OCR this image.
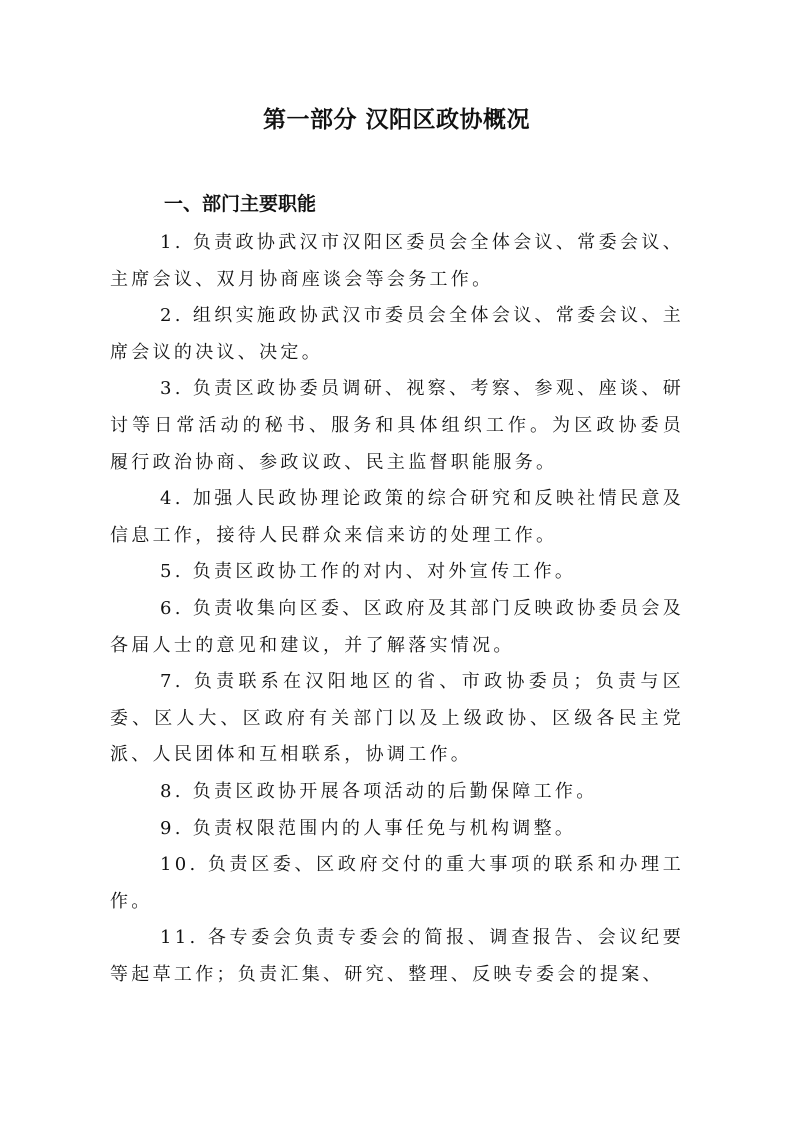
第一部分 汉阳区政协概况
一、部门主要职能

1. 负责政协武汉市汉阳区委员会全体会议、常委会议、主席会议、双月协商座谈会等会务工作。

2. 组织实施政协武汉市委员会全体会议、常委会议、主席会议的决议、决定。

3. 负责区政协委员调研、视察、考察、参观、座谈、研讨等日常活动的秘书、服务和具体组织工作。为区政协委员履行政治协商、参政议政、民主监督职能服务。

4. 加强人民政协理论政策的综合研究和反映社情民意及信息工作，接待人民群众来信来访的处理工作。

5. 负责区政协工作的对内、对外宣传工作。

6. 负责收集向区委、区政府及其部门反映政协委员会及各届人士的意见和建议，并了解落实情况。

7. 负责联系在汉阳地区的省、市政协委员；负责与区委、区人大、区政府有关部门以及上级政协、区级各民主党派、人民团体和互相联系，协调工作。

8. 负责区政协开展各项活动的后勤保障工作。

9. 负责权限范围内的人事任免与机构调整。

10. 负责区委、区政府交付的重大事项的联系和办理工作。

11. 各专委会负责专委会的简报、调查报告、会议纪要等起草工作；负责汇集、研究、整理、反映专委会的提案、
